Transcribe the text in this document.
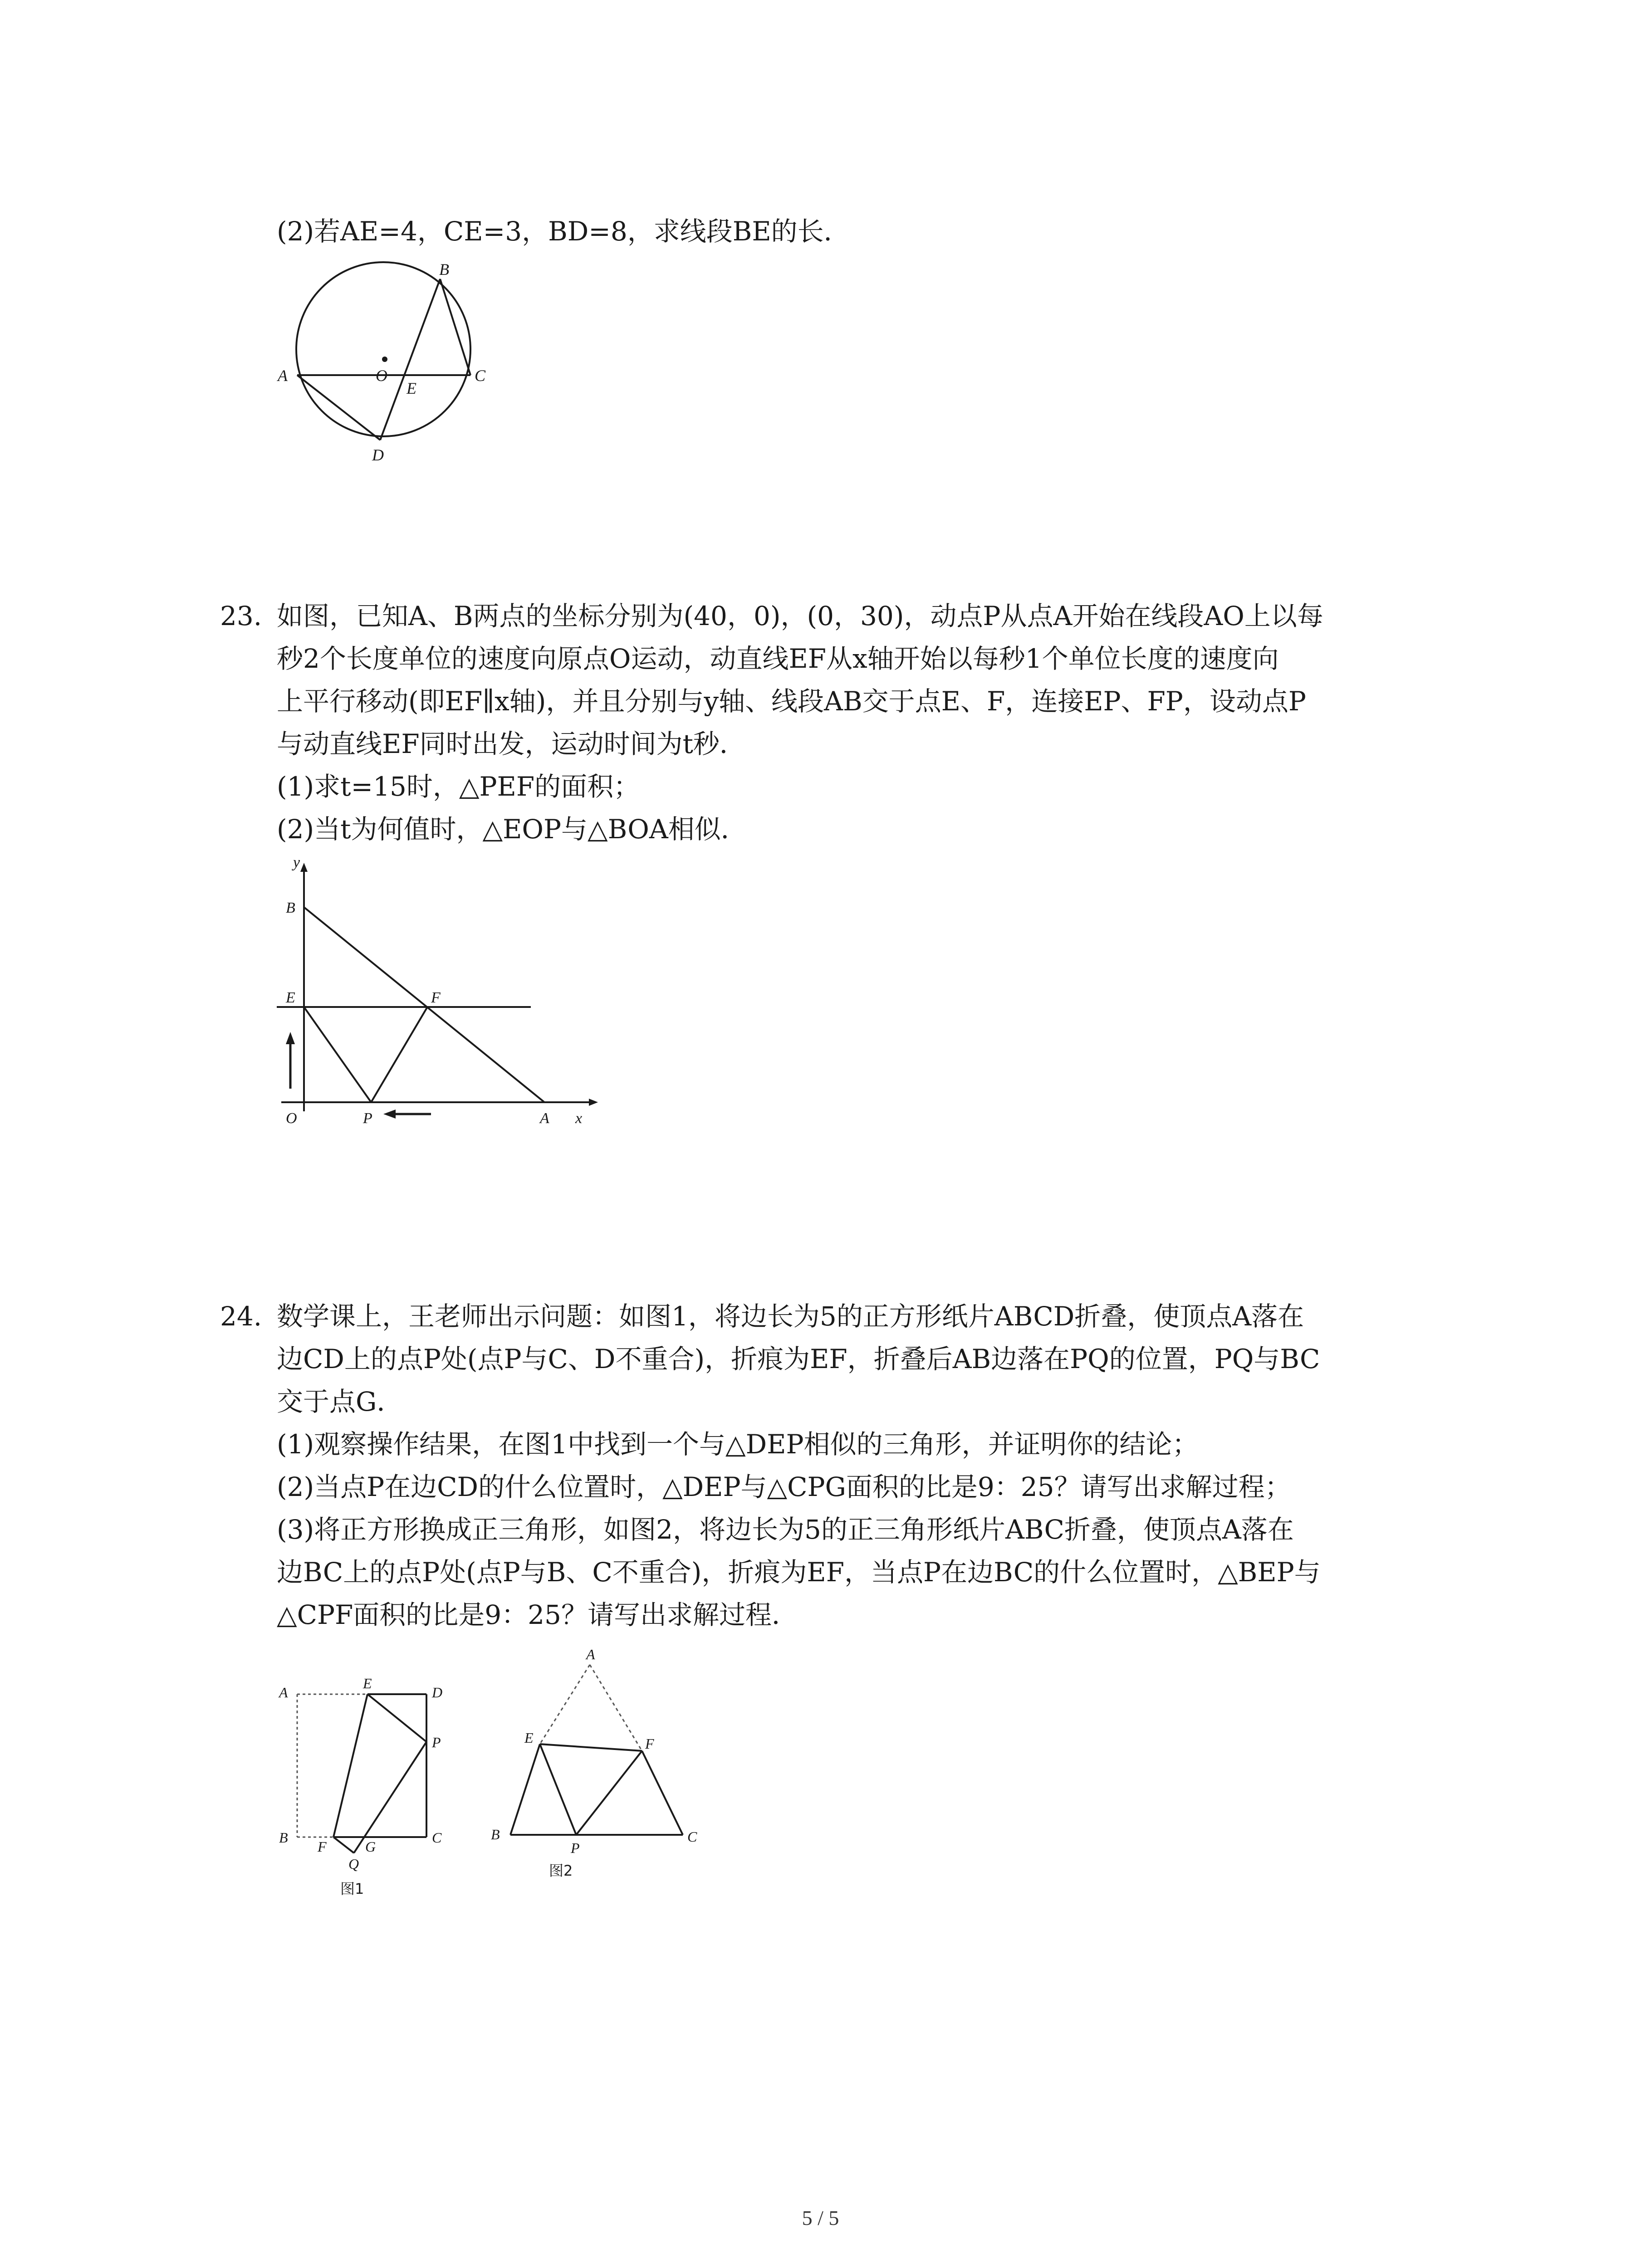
(2)若AE=4，CE=3，BD=8，求线段BE的长．
A
B
C
D
E
O
23. 如图，已知A、B两点的坐标分别为(40，0)，(0，30)，动点P从点A开始在线段AO上以每
秒2个长度单位的速度向原点O运动，动直线EF从x轴开始以每秒1个单位长度的速度向
上平行移动(即EF∥x轴)，并且分别与y轴、线段AB交于点E、F，连接EP、FP，设动点P
与动直线EF同时出发，运动时间为t秒．
(1)求t=15时，△PEF的面积；
(2)当t为何值时，△EOP与△BOA相似．
y
B
E	F
O	P	A x
24. 数学课上，王老师出示问题：如图1，将边长为5的正方形纸片ABCD折叠，使顶点A落在
边CD上的点P处(点P与C、D不重合)，折痕为EF，折叠后AB边落在PQ的位置，PQ与BC
交于点G．
(1)观察操作结果，在图1中找到一个与△DEP相似的三角形，并证明你的结论；
(2)当点P在边CD的什么位置时，△DEP与△CPG面积的比是9：25？请写出求解过程；
(3)将正方形换成正三角形，如图2，将边长为5的正三角形纸片ABC折叠，使顶点A落在
边BC上的点P处(点P与B、C不重合)，折痕为EF，当点P在边BC的什么位置时，△BEP与
△CPF面积的比是9：25？请写出求解过程．
A
E
D
P
B
F
Q
G
C
图1
A
E	F
B
P
C
图2
5 / 5
